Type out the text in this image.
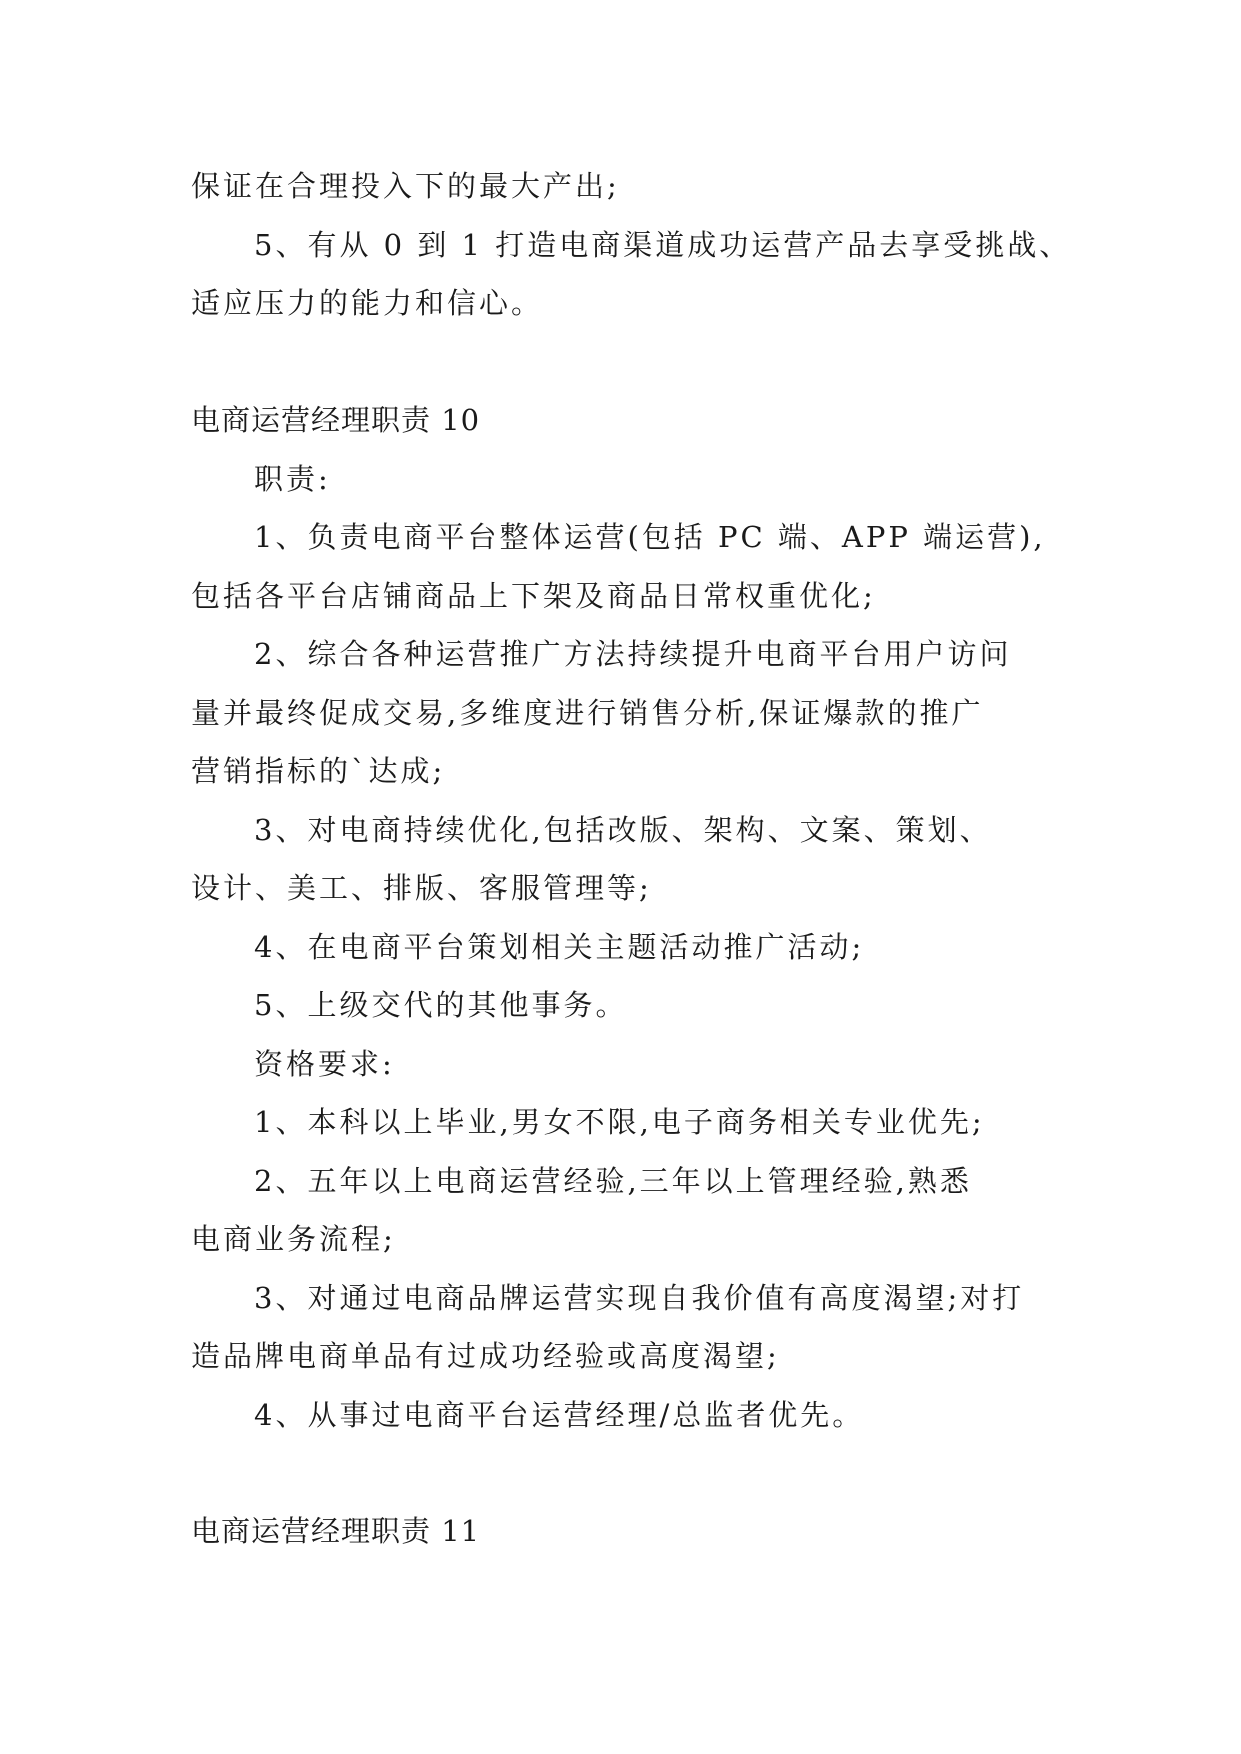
保证在合理投入下的最大产出;
5、有从 0 到 1 打造电商渠道成功运营产品去享受挑战、
适应压力的能力和信心。
电商运营经理职责 10
职责:
1、负责电商平台整体运营(包括 PC 端、APP 端运营),
包括各平台店铺商品上下架及商品日常权重优化;
2、综合各种运营推广方法持续提升电商平台用户访问
量并最终促成交易,多维度进行销售分析,保证爆款的推广
营销指标的`达成;
3、对电商持续优化,包括改版、架构、文案、策划、
设计、美工、排版、客服管理等;
4、在电商平台策划相关主题活动推广活动;
5、上级交代的其他事务。
资格要求:
1、本科以上毕业,男女不限,电子商务相关专业优先;
2、五年以上电商运营经验,三年以上管理经验,熟悉
电商业务流程;
3、对通过电商品牌运营实现自我价值有高度渴望;对打
造品牌电商单品有过成功经验或高度渴望;
4、从事过电商平台运营经理/总监者优先。
电商运营经理职责 11
